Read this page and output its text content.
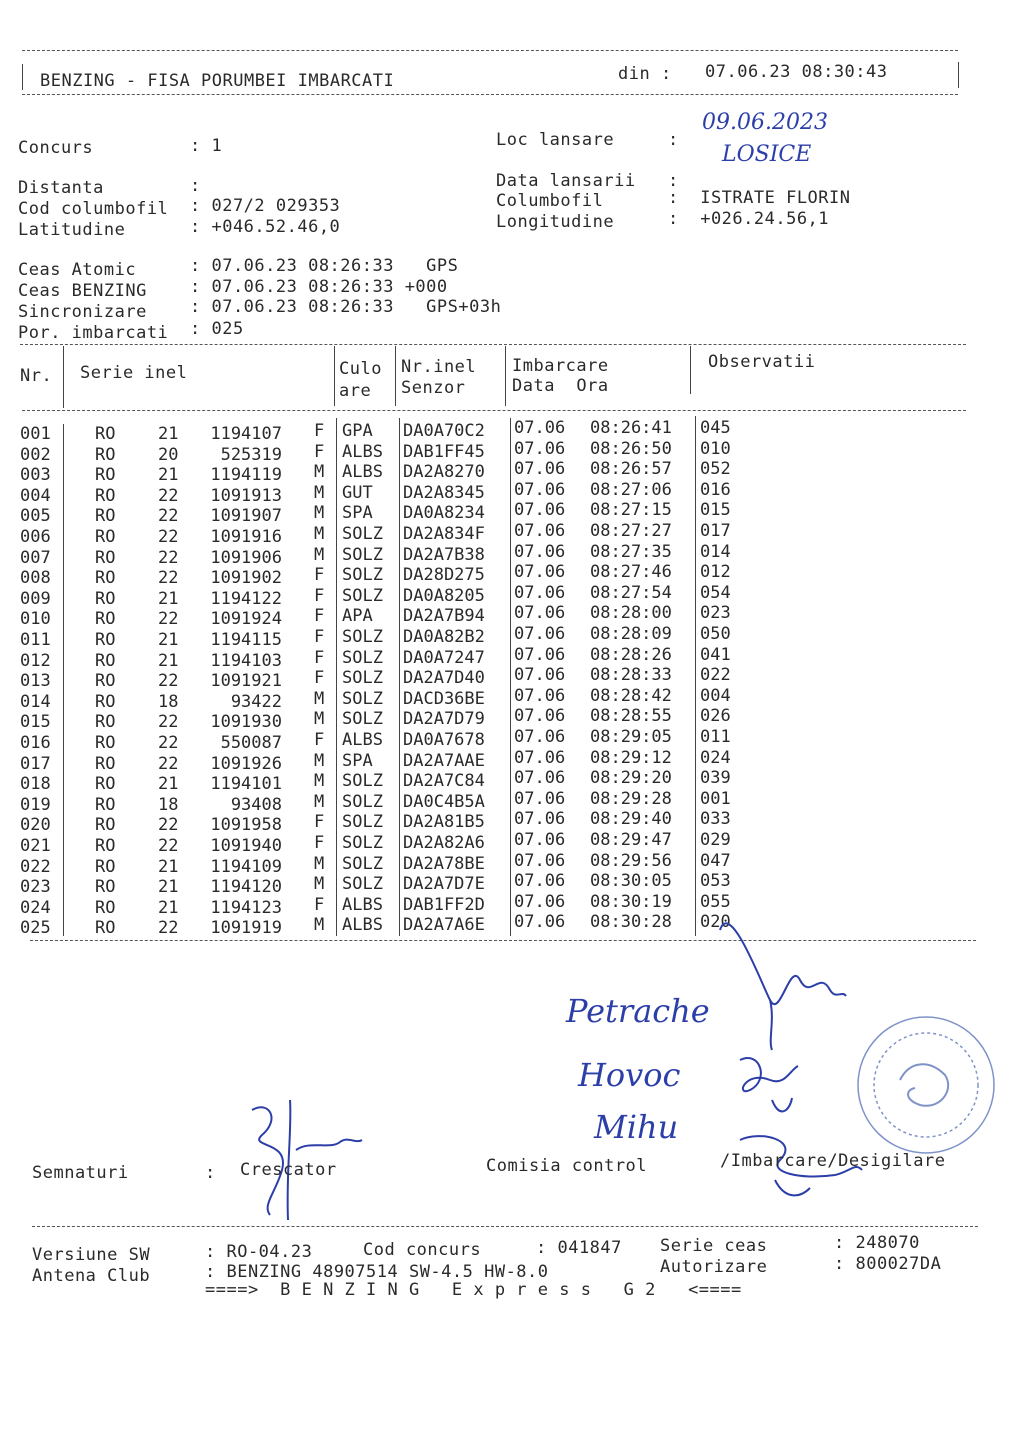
BENZING - FISA PORUMBEI IMBARCATI	din : 07.06.23 08:30:43
Concurs	: 1
Distanta	:
Cod columbofil : 027/2 029353
Latitudine	: +046.52.46,0
Loc lansare	:
09.06.2023
LOSICE
Data lansarii :
Columbofil	:  ISTRATE FLORIN
Longitudine	:  +026.24.56,1
Ceas Atomic	: 07.06.23 08:26:33   GPS
Ceas BENZING	: 07.06.23 08:26:33 +000
Sincronizare	: 07.06.23 08:26:33   GPS+03h
Por. imbarcati : 025
Nr. Serie inel	Culo
are
Nr.inel
Senzor
Imbarcare
Data  Ora
Observatii
001	RO	21 1194107 F GPA DA0A70C2 07.06 08:26:41 045
002	RO	20 525319 F ALBS DAB1FF45 07.06 08:26:50 010
003	RO	21 1194119 M ALBS DA2A8270 07.06 08:26:57 052
004	RO	22 1091913 M GUT DA2A8345 07.06 08:27:06 016
005	RO	22 1091907 M SPA DA0A8234 07.06 08:27:15 015
006	RO	22 1091916 M SOLZ DA2A834F 07.06 08:27:27 017
007	RO	22 1091906 M SOLZ DA2A7B38 07.06 08:27:35 014
008	RO	22 1091902 F SOLZ DA28D275 07.06 08:27:46 012
009	RO	21 1194122 F SOLZ DA0A8205 07.06 08:27:54 054
010	RO	22 1091924 F APA DA2A7B94 07.06 08:28:00 023
011	RO	21 1194115 F SOLZ DA0A82B2 07.06 08:28:09 050
012	RO	21 1194103 F SOLZ DA0A7247 07.06 08:28:26 041
013	RO	22 1091921 F SOLZ DA2A7D40 07.06 08:28:33 022
014	RO	18	93422 M SOLZ DACD36BE 07.06 08:28:42 004
015	RO	22 1091930 M SOLZ DA2A7D79 07.06 08:28:55 026
016	RO	22 550087 F ALBS DA0A7678 07.06 08:29:05 011
017	RO	22 1091926 M SPA DA2A7AAE 07.06 08:29:12 024
018	RO	21 1194101 M SOLZ DA2A7C84 07.06 08:29:20 039
019	RO	18	93408 M SOLZ DA0C4B5A 07.06 08:29:28 001
020	RO	22 1091958 F SOLZ DA2A81B5 07.06 08:29:40 033
021	RO	22 1091940 F SOLZ DA2A82A6 07.06 08:29:47 029
022	RO	21 1194109 M SOLZ DA2A78BE 07.06 08:29:56 047
023	RO	21 1194120 M SOLZ DA2A7D7E 07.06 08:30:05 053
024	RO	21 1194123 F ALBS DAB1FF2D 07.06 08:30:19 055
025	RO	22 1091919 M ALBS DA2A7A6E 07.06 08:30:28 020
Petrache
Hovoc
Mihu
Semnaturi	: Crescator	Comisia control	/Imbarcare/Desigilare
Versiune SW	: RO-04.23	Cod concurs	: 041847 Serie ceas	: 248070
Antena Club	: BENZING 48907514 SW-4.5 HW-8.0	Autorizare	: 800027DA
====>  B E N Z I N G   E x p r e s s   G 2   <====
